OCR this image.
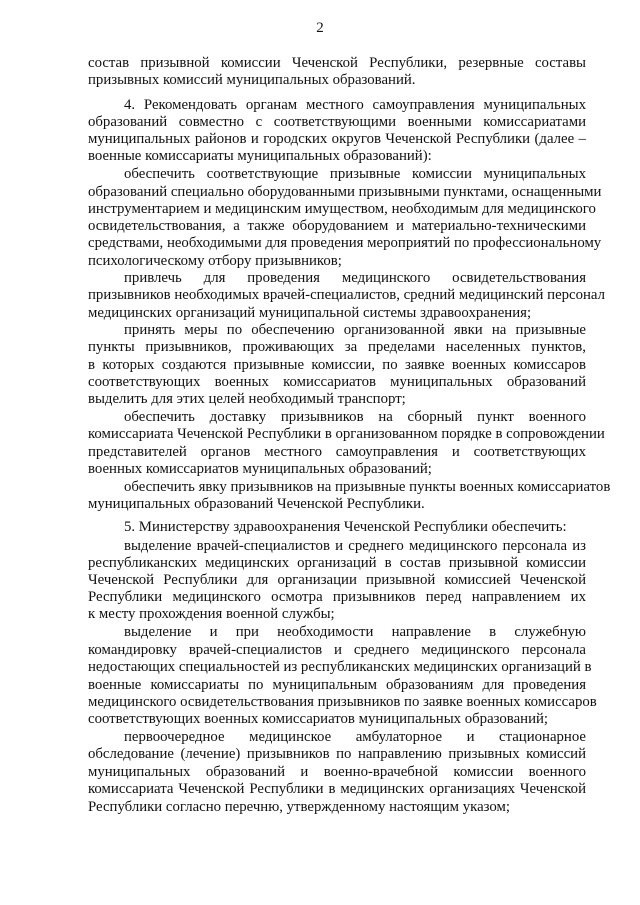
2
состав призывной комиссии Чеченской Республики, резервные составы
призывных комиссий муниципальных образований.
4. Рекомендовать органам местного самоуправления муниципальных
образований совместно с соответствующими военными комиссариатами
муниципальных районов и городских округов Чеченской Республики (далее –
военные комиссариаты муниципальных образований):
обеспечить соответствующие призывные комиссии муниципальных
образований специально оборудованными призывными пунктами, оснащенными
инструментарием и медицинским имуществом, необходимым для медицинского
освидетельствования, а также оборудованием и материально-техническими
средствами, необходимыми для проведения мероприятий по профессиональному
психологическому отбору призывников;
привлечь для проведения медицинского освидетельствования
призывников необходимых врачей-специалистов, средний медицинский персонал
медицинских организаций муниципальной системы здравоохранения;
принять меры по обеспечению организованной явки на призывные
пункты призывников, проживающих за пределами населенных пунктов,
в которых создаются призывные комиссии, по заявке военных комиссаров
соответствующих военных комиссариатов муниципальных образований
выделить для этих целей необходимый транспорт;
обеспечить доставку призывников на сборный пункт военного
комиссариата Чеченской Республики в организованном порядке в сопровождении
представителей органов местного самоуправления и соответствующих
военных комиссариатов муниципальных образований;
обеспечить явку призывников на призывные пункты военных комиссариатов
муниципальных образований Чеченской Республики.
5. Министерству здравоохранения Чеченской Республики обеспечить:
выделение врачей-специалистов и среднего медицинского персонала из
республиканских медицинских организаций в состав призывной комиссии
Чеченской Республики для организации призывной комиссией Чеченской
Республики медицинского осмотра призывников перед направлением их
к месту прохождения военной службы;
выделение и при необходимости направление в служебную
командировку врачей-специалистов и среднего медицинского персонала
недостающих специальностей из республиканских медицинских организаций в
военные комиссариаты по муниципальным образованиям для проведения
медицинского освидетельствования призывников по заявке военных комиссаров
соответствующих военных комиссариатов муниципальных образований;
первоочередное медицинское амбулаторное и стационарное
обследование (лечение) призывников по направлению призывных комиссий
муниципальных образований и военно-врачебной комиссии военного
комиссариата Чеченской Республики в медицинских организациях Чеченской
Республики согласно перечню, утвержденному настоящим указом;
